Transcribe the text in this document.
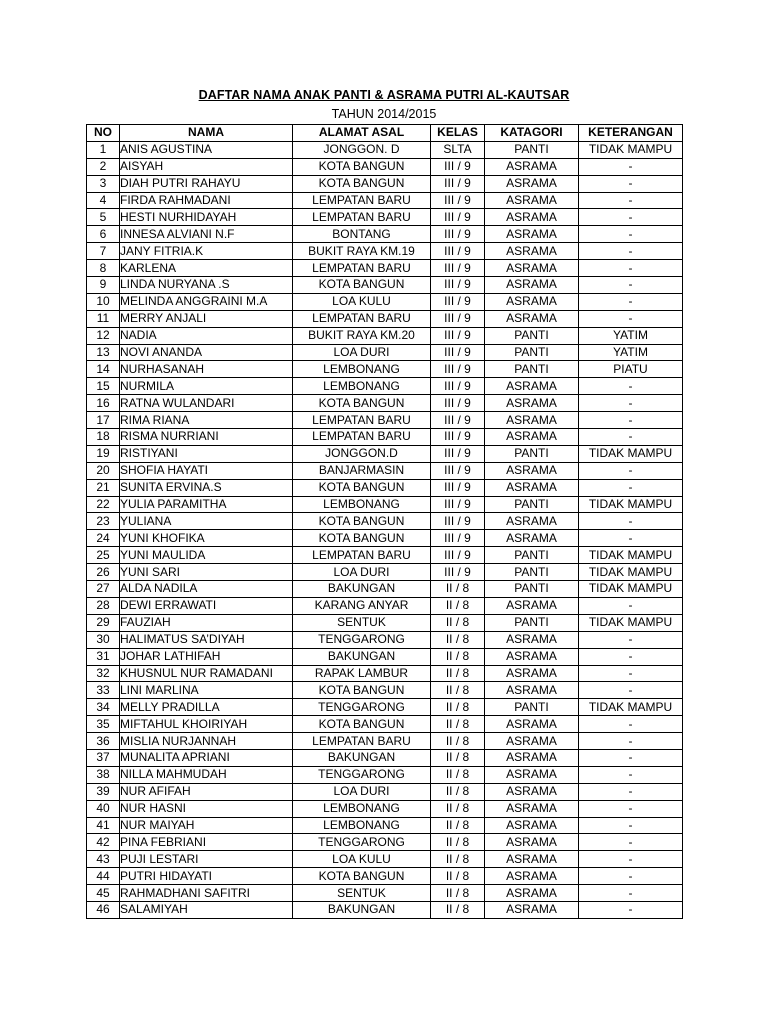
DAFTAR NAMA ANAK PANTI & ASRAMA PUTRI AL-KAUTSAR
TAHUN 2014/2015
NO	NAMA	ALAMAT ASAL	KELAS	KATAGORI	KETERANGAN
1	ANIS AGUSTINA	JONGGON. D	SLTA	PANTI	TIDAK MAMPU
2	AISYAH	KOTA BANGUN	III / 9	ASRAMA	-
3	DIAH PUTRI RAHAYU	KOTA BANGUN	III / 9	ASRAMA	-
4	FIRDA RAHMADANI	LEMPATAN BARU	III / 9	ASRAMA	-
5	HESTI NURHIDAYAH	LEMPATAN BARU	III / 9	ASRAMA	-
6	INNESA ALVIANI N.F	BONTANG	III / 9	ASRAMA	-
7	JANY FITRIA.K	BUKIT RAYA KM.19	III / 9	ASRAMA	-
8	KARLENA	LEMPATAN BARU	III / 9	ASRAMA	-
9	LINDA NURYANA .S	KOTA BANGUN	III / 9	ASRAMA	-
10	MELINDA ANGGRAINI M.A	LOA KULU	III / 9	ASRAMA	-
11	MERRY ANJALI	LEMPATAN BARU	III / 9	ASRAMA	-
12	NADIA	BUKIT RAYA KM.20	III / 9	PANTI	YATIM
13	NOVI ANANDA	LOA DURI	III / 9	PANTI	YATIM
14	NURHASANAH	LEMBONANG	III / 9	PANTI	PIATU
15	NURMILA	LEMBONANG	III / 9	ASRAMA	-
16	RATNA WULANDARI	KOTA BANGUN	III / 9	ASRAMA	-
17	RIMA RIANA	LEMPATAN BARU	III / 9	ASRAMA	-
18	RISMA NURRIANI	LEMPATAN BARU	III / 9	ASRAMA	-
19	RISTIYANI	JONGGON.D	III / 9	PANTI	TIDAK MAMPU
20	SHOFIA HAYATI	BANJARMASIN	III / 9	ASRAMA	-
21	SUNITA ERVINA.S	KOTA BANGUN	III / 9	ASRAMA	-
22	YULIA PARAMITHA	LEMBONANG	III / 9	PANTI	TIDAK MAMPU
23	YULIANA	KOTA BANGUN	III / 9	ASRAMA	-
24	YUNI KHOFIKA	KOTA BANGUN	III / 9	ASRAMA	-
25	YUNI MAULIDA	LEMPATAN BARU	III / 9	PANTI	TIDAK MAMPU
26	YUNI SARI	LOA DURI	III / 9	PANTI	TIDAK MAMPU
27	ALDA NADILA	BAKUNGAN	II / 8	PANTI	TIDAK MAMPU
28	DEWI ERRAWATI	KARANG ANYAR	II / 8	ASRAMA	-
29	FAUZIAH	SENTUK	II / 8	PANTI	TIDAK MAMPU
30	HALIMATUS SA’DIYAH	TENGGARONG	II / 8	ASRAMA	-
31	JOHAR LATHIFAH	BAKUNGAN	II / 8	ASRAMA	-
32	KHUSNUL NUR RAMADANI	RAPAK LAMBUR	II / 8	ASRAMA	-
33	LINI MARLINA	KOTA BANGUN	II / 8	ASRAMA	-
34	MELLY PRADILLA	TENGGARONG	II / 8	PANTI	TIDAK MAMPU
35	MIFTAHUL KHOIRIYAH	KOTA BANGUN	II / 8	ASRAMA	-
36	MISLIA NURJANNAH	LEMPATAN BARU	II / 8	ASRAMA	-
37	MUNALITA APRIANI	BAKUNGAN	II / 8	ASRAMA	-
38	NILLA MAHMUDAH	TENGGARONG	II / 8	ASRAMA	-
39	NUR AFIFAH	LOA DURI	II / 8	ASRAMA	-
40	NUR HASNI	LEMBONANG	II / 8	ASRAMA	-
41	NUR MAIYAH	LEMBONANG	II / 8	ASRAMA	-
42	PINA FEBRIANI	TENGGARONG	II / 8	ASRAMA	-
43	PUJI LESTARI	LOA KULU	II / 8	ASRAMA	-
44	PUTRI HIDAYATI	KOTA BANGUN	II / 8	ASRAMA	-
45	RAHMADHANI SAFITRI	SENTUK	II / 8	ASRAMA	-
46	SALAMIYAH	BAKUNGAN	II / 8	ASRAMA	-
